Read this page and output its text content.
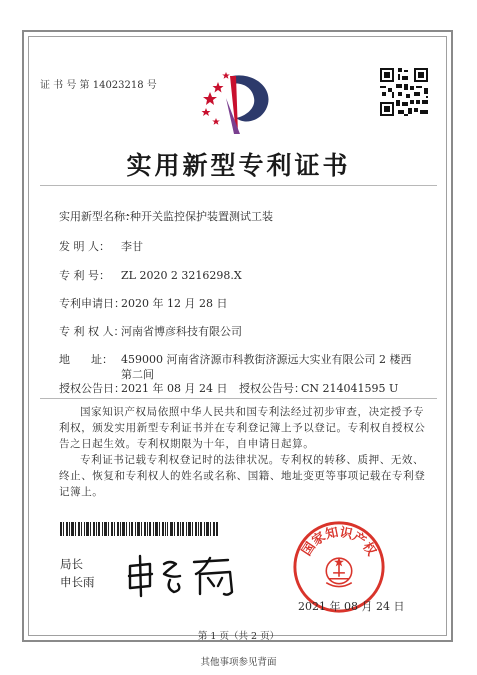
证 书 号 第 14023218 号
实用新型专利证书
实用新型名称：一种开关监控保护装置测试工装
发 明 人： 李甘
专 利 号： ZL 2020 2 3216298.X
专利申请日：2020 年 12 月 28 日
专 利 权 人：河南省博彦科技有限公司
地      址： 459000 河南省济源市科教街济源远大实业有限公司 2 楼西
第二间
授权公告日：2021 年 08 月 24 日 授权公告号：CN 214041595 U
国家知识产权局依照中华人民共和国专利法经过初步审查，决定授予专利权，颁发实用新型专利证书并在专利登记簿上予以登记。专利权自授权公告之日起生效。专利权期限为十年，自申请日起算。
专利证书记载专利权登记时的法律状况。专利权的转移、质押、无效、终止、恢复和专利权人的姓名或名称、国籍、地址变更等事项记载在专利登记簿上。
局长
申长雨
国家知识产权
2021 年 08 月 24 日
第 1 页（共 2 页）
其他事项参见背面
